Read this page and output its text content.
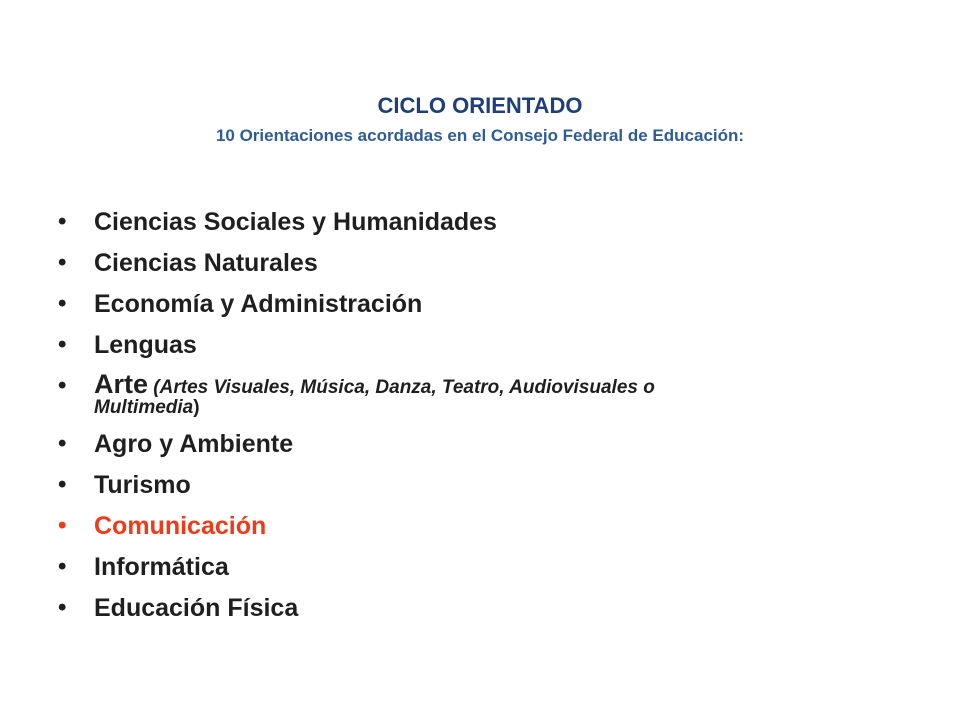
CICLO ORIENTADO

10 Orientaciones acordadas en el Consejo Federal de Educación:

•	Ciencias Sociales y Humanidades
•	Ciencias Naturales
•	Economía y Administración
•	Lenguas
•	Arte (Artes Visuales, Música, Danza, Teatro, Audiovisuales o
Multimedia)
•	Agro y Ambiente
•	Turismo
•	Comunicación
•	Informática
•	Educación Física
